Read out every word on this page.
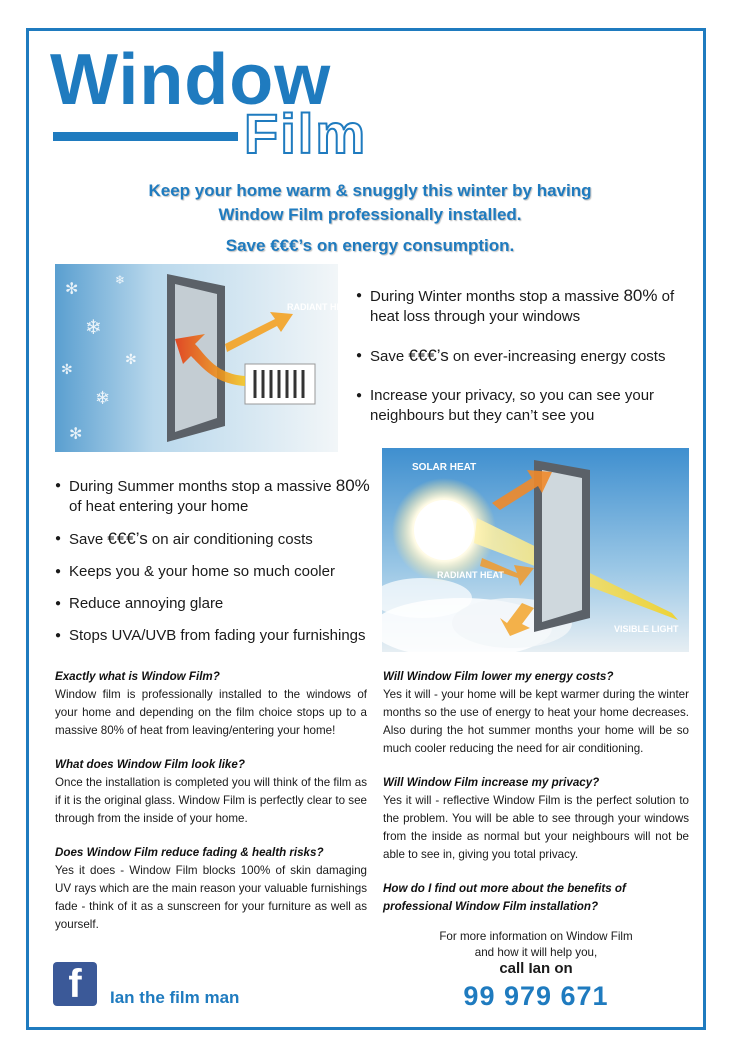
Window
Film
Keep your home warm & snuggly this winter by having
Window Film professionally installed.
Save €€€’s on energy consumption.
✻
❄
✻
❄
✻
❄
✻
RADIANT HEAT
● During Winter months stop a massive 80% of heat loss through your windows
● Save €€€’s on ever-increasing energy costs
● Increase your privacy, so you can see your neighbours but they can’t see you
SOLAR HEAT
RADIANT HEAT
VISIBLE LIGHT
● During Summer months stop a massive 80% of heat entering your home
● Save €€€’s on air conditioning costs
● Keeps you & your home so much cooler
● Reduce annoying glare
● Stops UVA/UVB from fading your furnishings
Exactly what is Window Film?

Window film is professionally installed to the windows of your home and depending on the film choice stops up to a massive 80% of heat from leaving/entering your home!

What does Window Film look like?

Once the installation is completed you will think of the film as if it is the original glass. Window Film is perfectly clear to see through from the inside of your home.

Does Window Film reduce fading & health risks?

Yes it does - Window Film blocks 100% of skin damaging UV rays which are the main reason your valuable furnishings fade - think of it as a sunscreen for your furniture as well as yourself.

Will Window Film lower my energy costs?

Yes it will - your home will be kept warmer during the winter months so the use of energy to heat your home decreases. Also during the hot summer months your home will be so much cooler reducing the need for air conditioning.

Will Window Film increase my privacy?

Yes it will - reflective Window Film is the perfect solution to the problem. You will be able to see through your windows from the inside as normal but your neighbours will not be able to see in, giving you total privacy.

How do I find out more about the benefits of professional Window Film installation?
For more information on Window Film
and how it will help you,
call Ian on
99 979 671
f	Ian the film man
